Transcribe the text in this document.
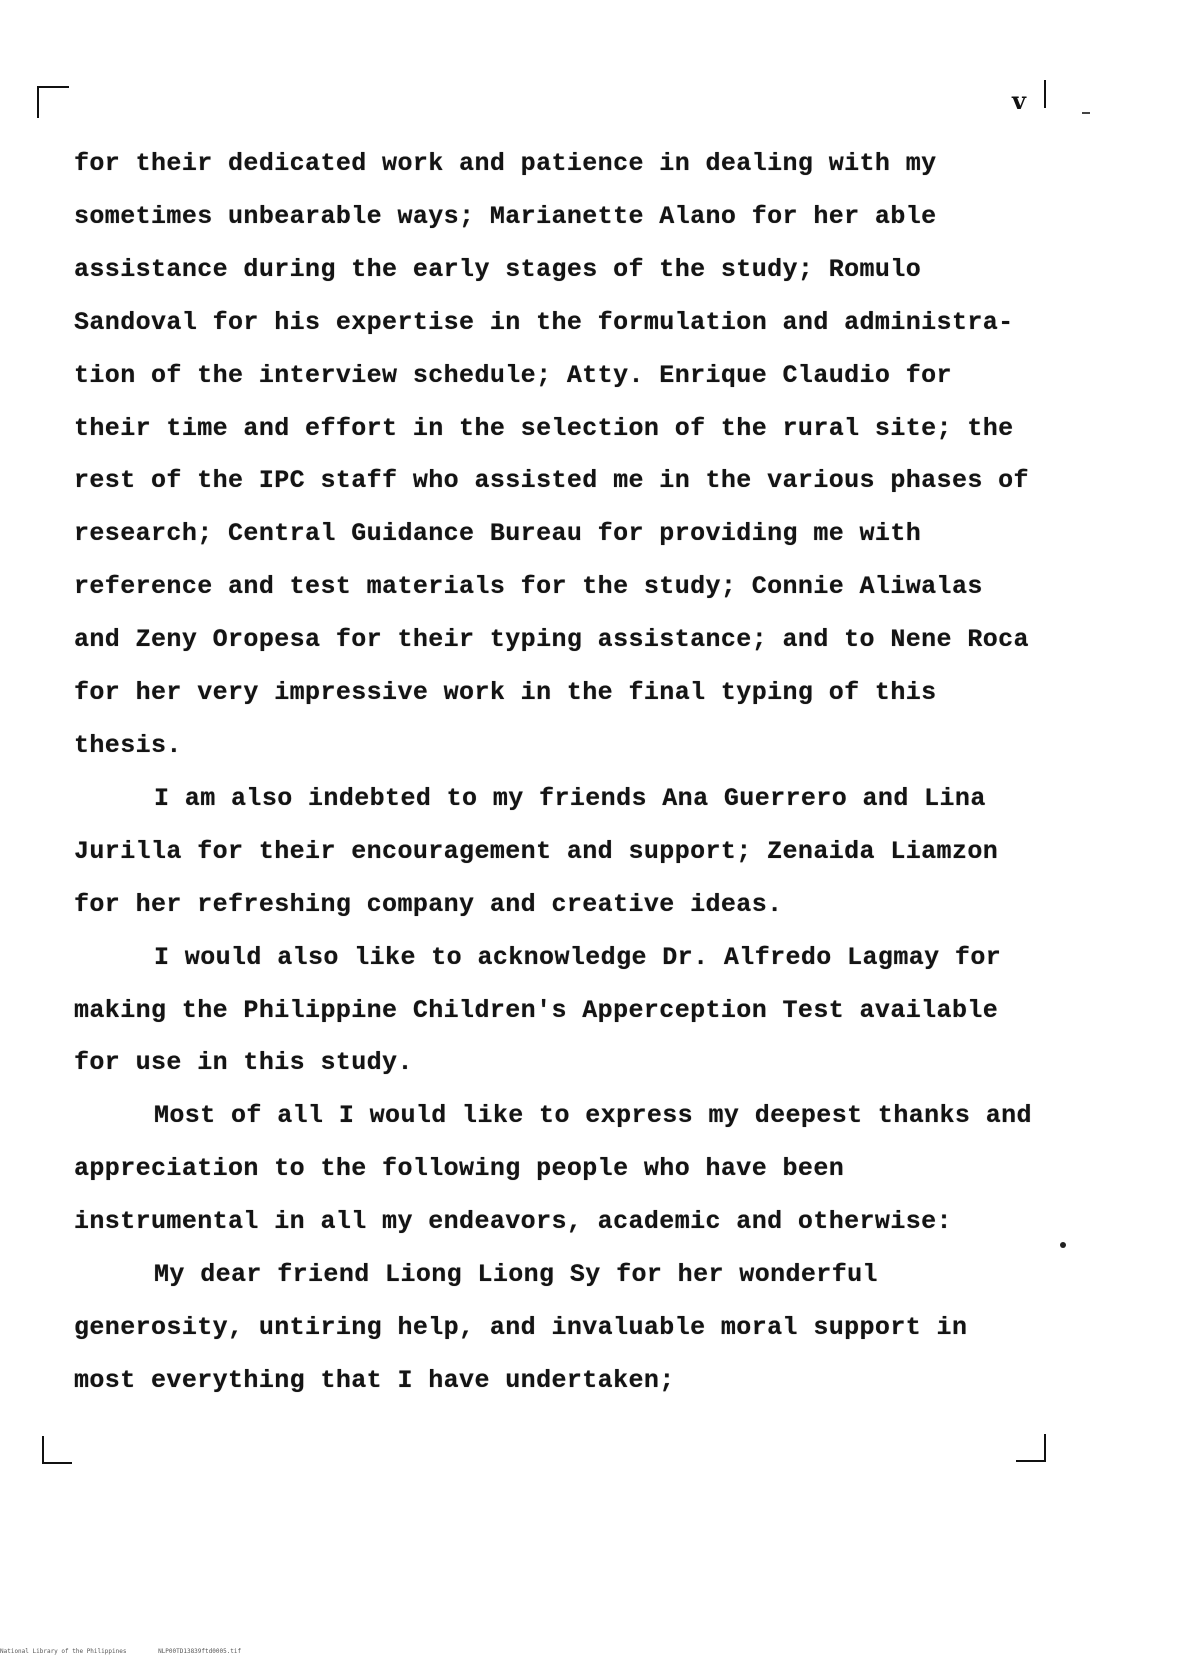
v

for their dedicated work and patience in dealing with my sometimes unbearable ways; Marianette Alano for her able assistance during the early stages of the study; Romulo Sandoval for his expertise in the formulation and administra-tion of the interview schedule; Atty. Enrique Claudio for their time and effort in the selection of the rural site; the rest of the IPC staff who assisted me in the various phases of research; Central Guidance Bureau for providing me with reference and test materials for the study; Connie Aliwalas and Zeny Oropesa for their typing assistance; and to Nene Roca for her very impressive work in the final typing of this thesis.

I am also indebted to my friends Ana Guerrero and Lina Jurilla for their encouragement and support; Zenaida Liamzon for her refreshing company and creative ideas.

I would also like to acknowledge Dr. Alfredo Lagmay for making the Philippine Children's Apperception Test available for use in this study.

Most of all I would like to express my deepest thanks and appreciation to the following people who have been instrumental in all my endeavors, academic and otherwise:

My dear friend Liong Liong Sy for her wonderful generosity, untiring help, and invaluable moral support in most everything that I have undertaken;

National Library of the Philippines	NLP00TD13839ftd0005.tif
